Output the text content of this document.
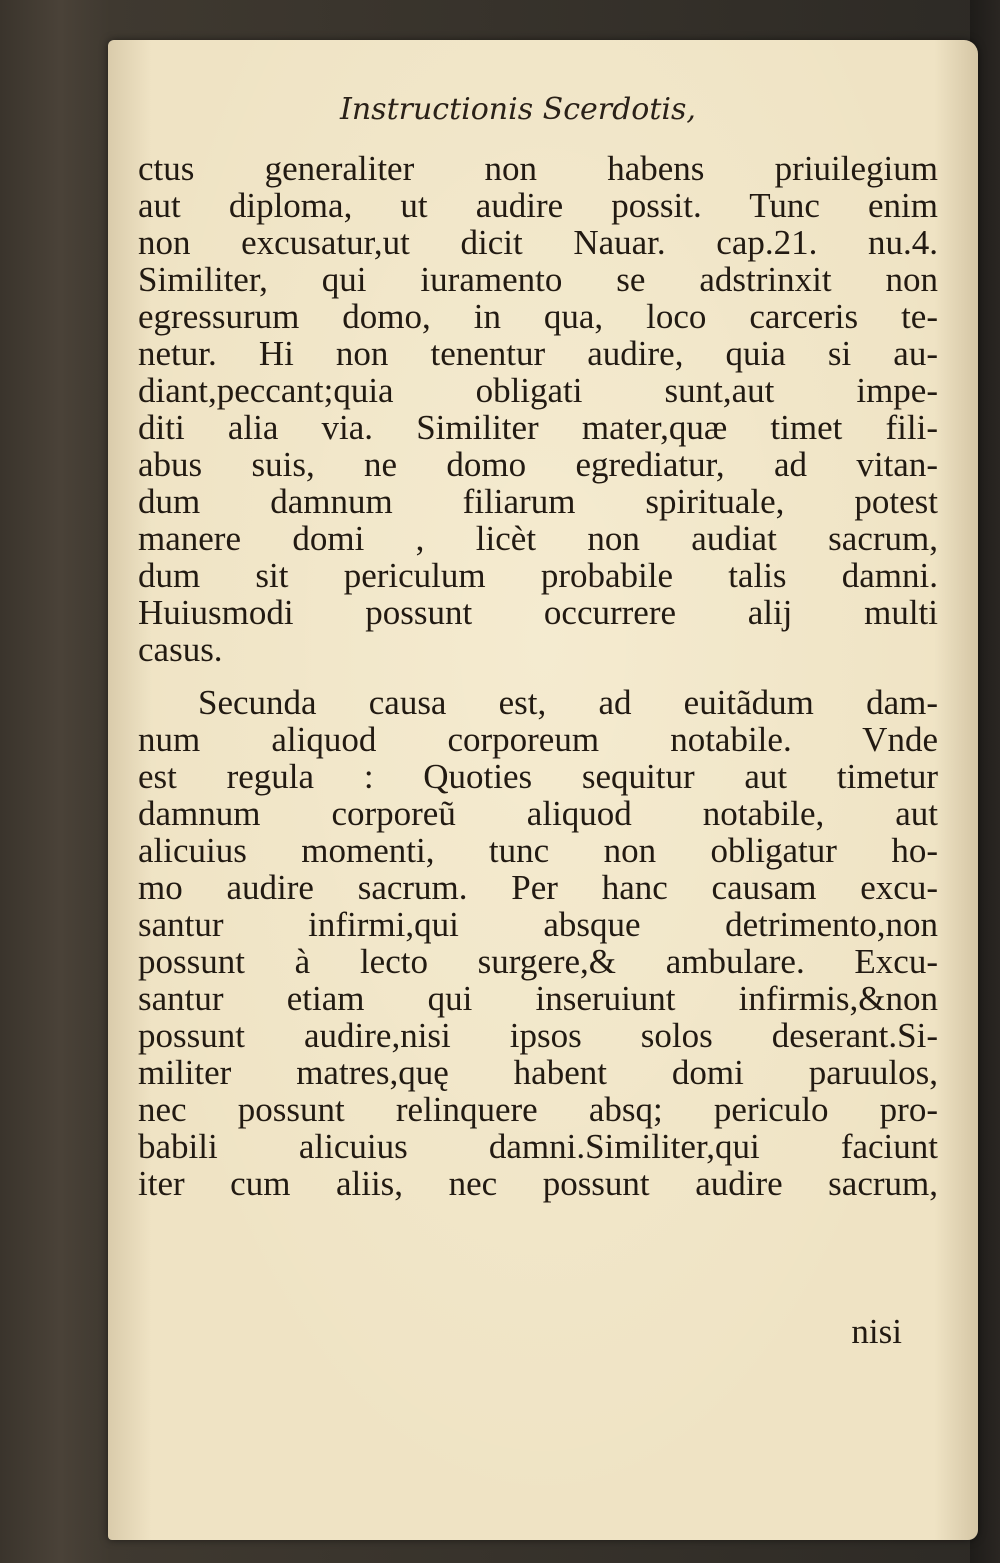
Instructionis Scerdotis,
ctus generaliter non habens priuilegium
aut diploma, ut audire possit. Tunc enim
non excusatur,ut dicit Nauar. cap.21. nu.4.
Similiter, qui iuramento se adstrinxit non
egressurum domo, in qua, loco carceris te-
netur. Hi non tenentur audire, quia si au-
diant,peccant;quia obligati sunt,aut impe-
diti alia via. Similiter mater,quæ timet fili-
abus suis, ne domo egrediatur, ad vitan-
dum damnum filiarum spirituale, potest
manere domi , licèt non audiat sacrum,
dum sit periculum probabile talis damni.
Huiusmodi possunt occurrere alij multi
casus.
Secunda causa est, ad euitãdum dam-
num aliquod corporeum notabile. Vnde
est regula : Quoties sequitur aut timetur
damnum corporeũ aliquod notabile, aut
alicuius momenti, tunc non obligatur ho-
mo audire sacrum. Per hanc causam excu-
santur infirmi,qui absque detrimento,non
possunt à lecto surgere,& ambulare. Excu-
santur etiam qui inseruiunt infirmis,&non
possunt audire,nisi ipsos solos deserant.Si-
militer matres,quę habent domi paruulos,
nec possunt relinquere absq; periculo pro-
babili alicuius damni.Similiter,qui faciunt
iter cum aliis, nec possunt audire sacrum,
nisi
